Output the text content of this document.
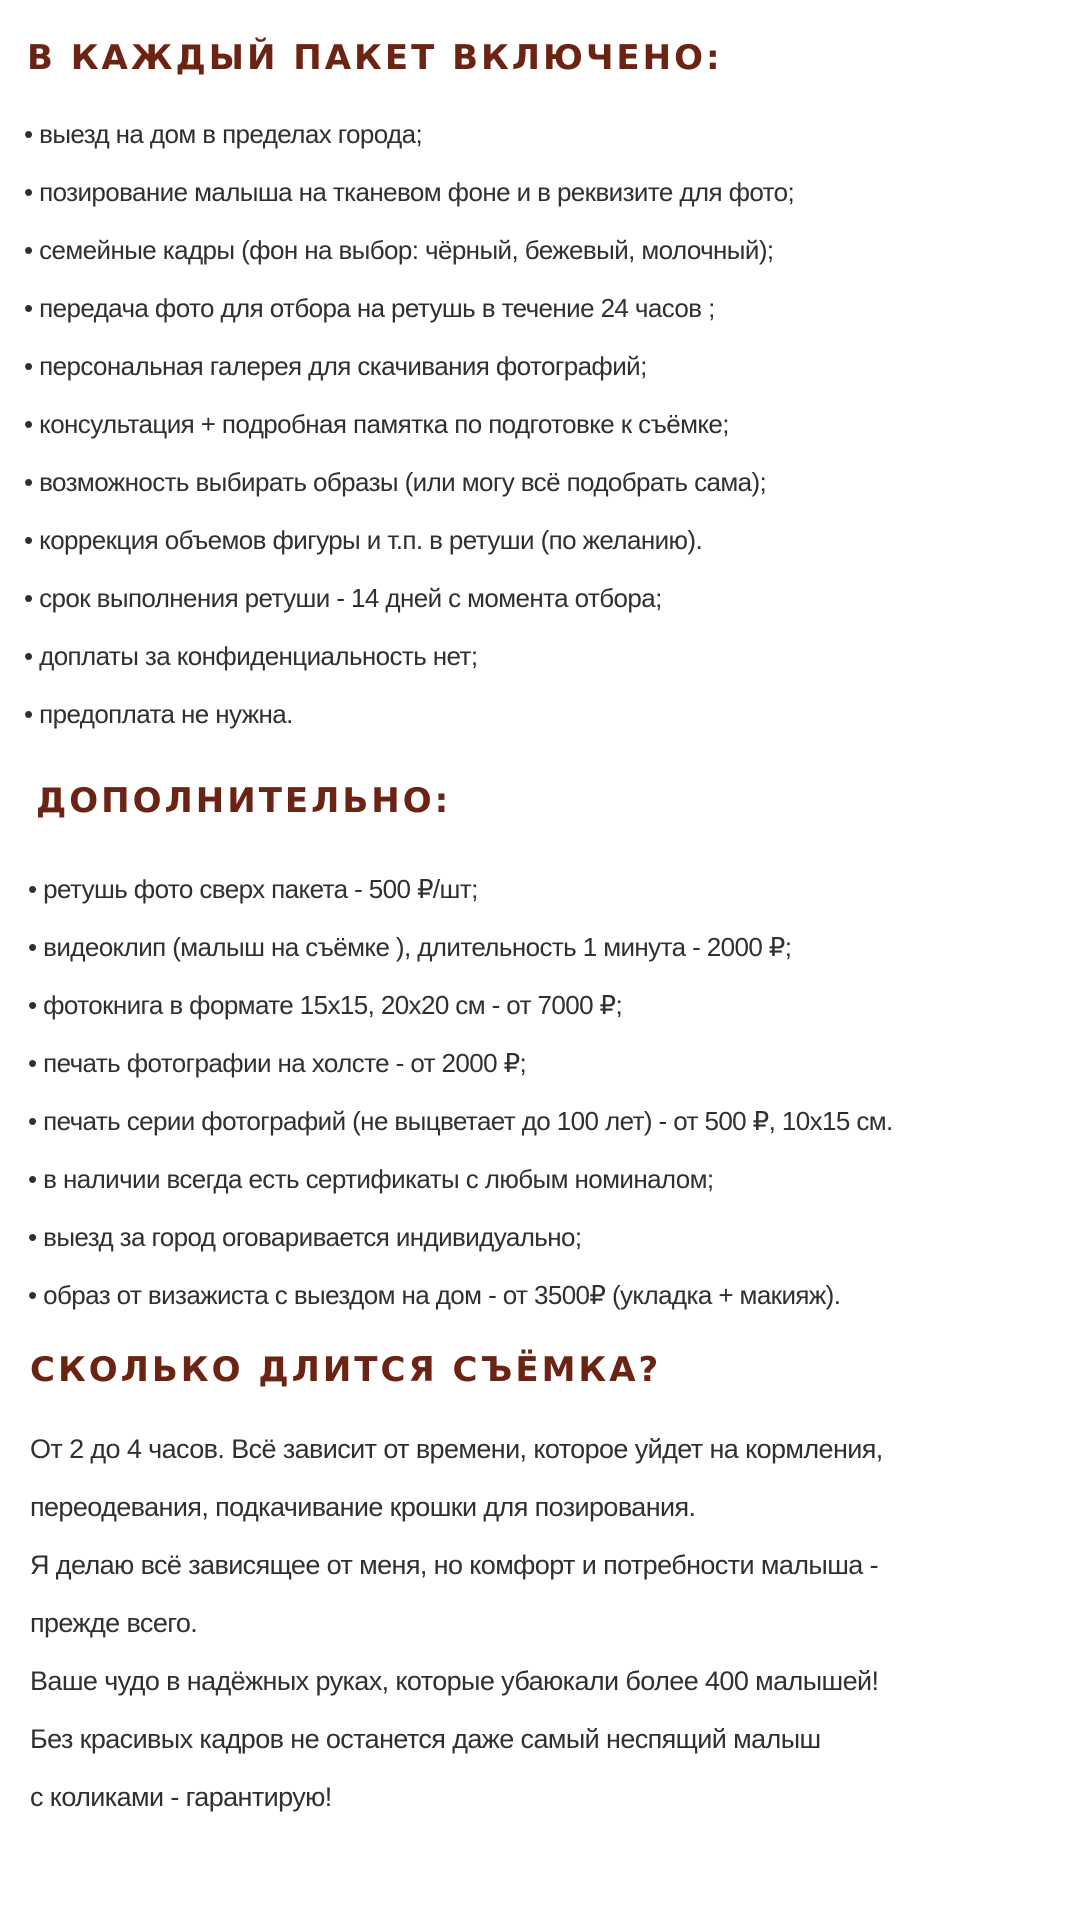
В КАЖДЫЙ ПАКЕТ ВКЛЮЧЕНО:
• выезд на дом в пределах города;
• позирование малыша на тканевом фоне и в реквизите для фото;
• семейные кадры (фон на выбор: чёрный, бежевый, молочный);
• передача фото для отбора на ретушь в течение 24 часов ;
• персональная галерея для скачивания фотографий;
• консультация + подробная памятка по подготовке к съёмке;
• возможность выбирать образы (или могу всё подобрать сама);
• коррекция объемов фигуры и т.п. в ретуши (по желанию).
• срок выполнения ретуши - 14 дней с момента отбора;
• доплаты за конфиденциальность нет;
• предоплата не нужна.
ДОПОЛНИТЕЛЬНО:
• ретушь фото сверх пакета - 500 ₽/шт;
• видеоклип (малыш на съёмке ), длительность 1 минута - 2000 ₽;
• фотокнига в формате 15х15, 20х20 см - от 7000 ₽;
• печать фотографии на холсте - от 2000 ₽;
• печать серии фотографий (не выцветает до 100 лет) - от 500 ₽, 10х15 см.
• в наличии всегда есть сертификаты с любым номиналом;
• выезд за город оговаривается индивидуально;
• образ от визажиста с выездом на дом - от 3500₽ (укладка + макияж).
СКОЛЬКО ДЛИТСЯ СЪЁМКА?
От 2 до 4 часов. Всё зависит от времени, которое уйдет на кормления,
переодевания, подкачивание крошки для позирования.
Я делаю всё зависящее от меня, но комфорт и потребности малыша -
прежде всего.
Ваше чудо в надёжных руках, которые убаюкали более 400 малышей!
Без красивых кадров не останется даже самый неспящий малыш
с коликами - гарантирую!
